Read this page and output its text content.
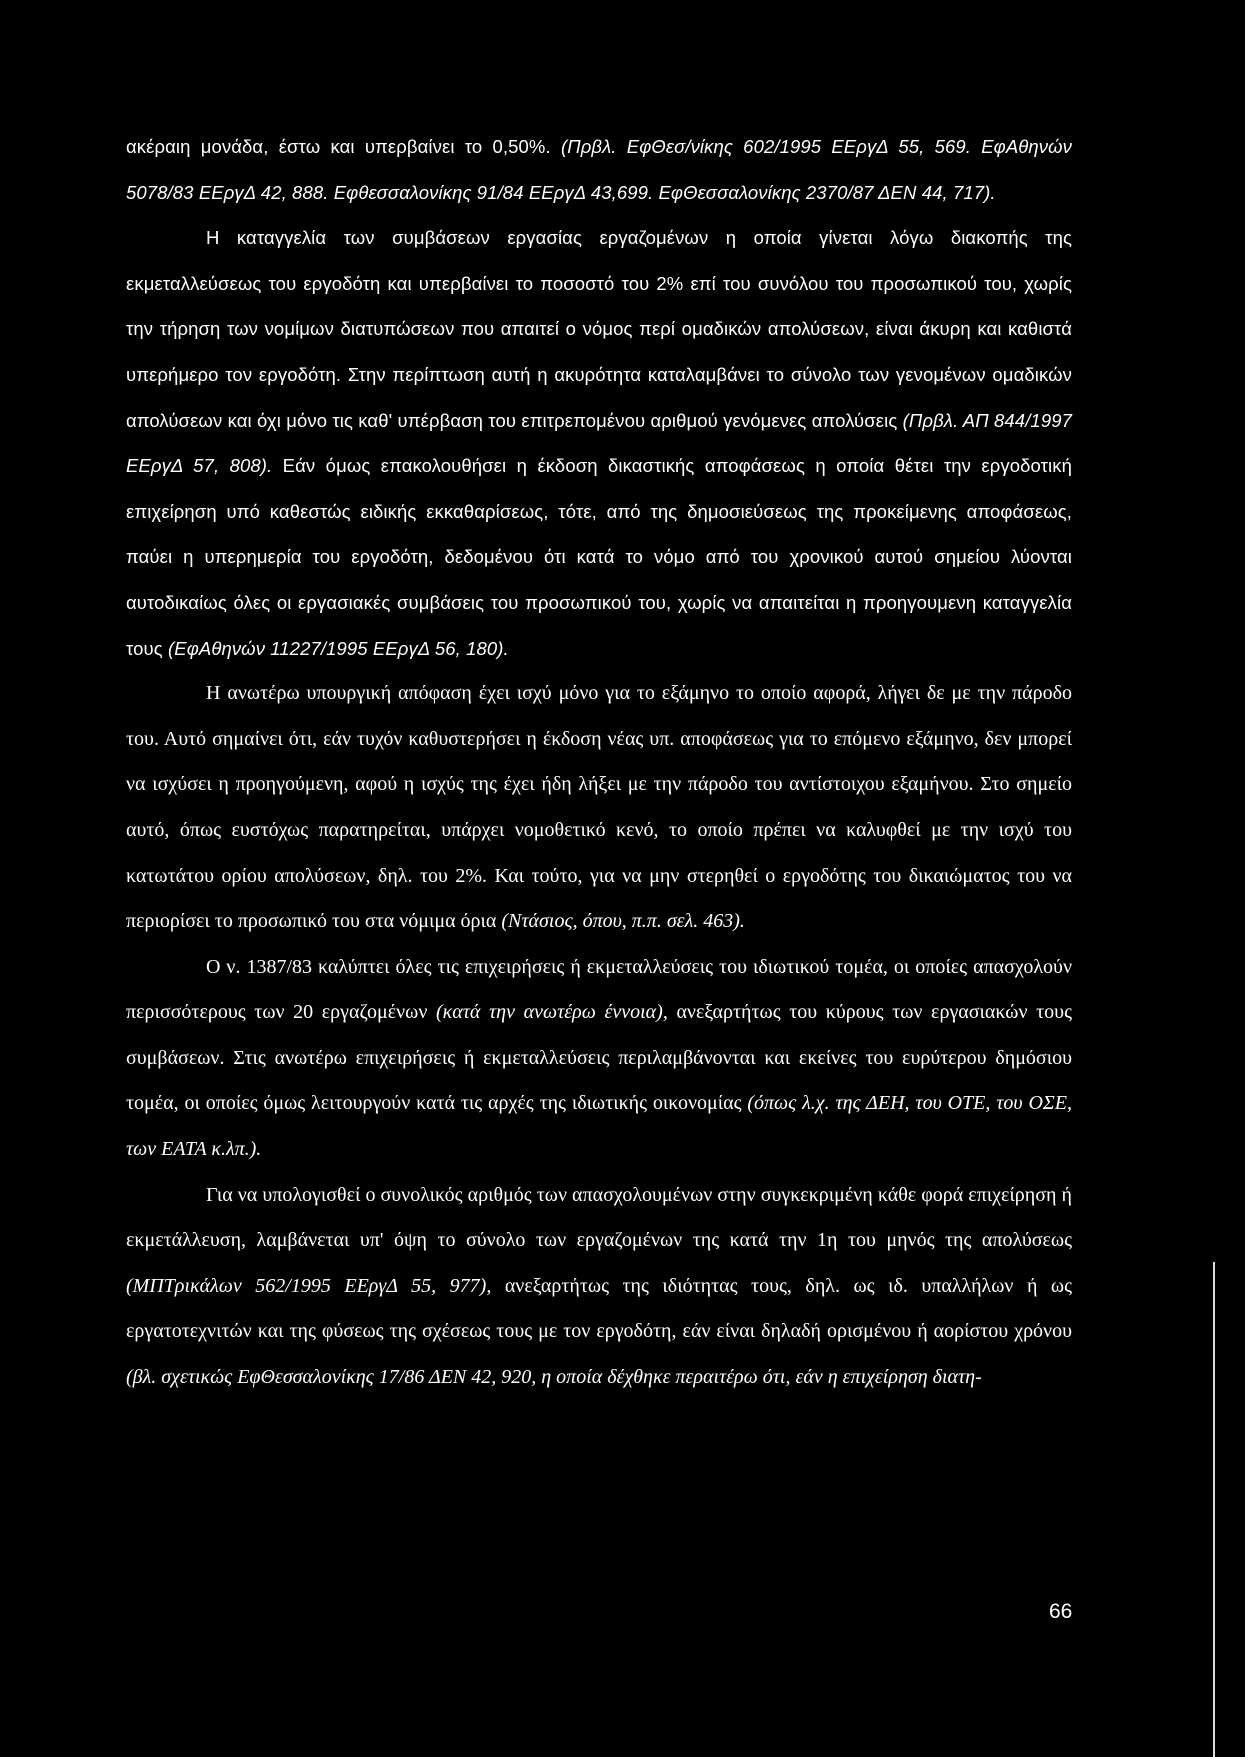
ακέραιη μονάδα, έστω και υπερβαίνει το 0,50%. (Πρβλ. ΕφΘεσ/νίκης 602/1995 ΕΕργΔ 55, 569. ΕφΑθηνών 5078/83 ΕΕργΔ 42, 888. Εφθεσσαλονίκης 91/84 ΕΕργΔ 43,699. ΕφΘεσσαλονίκης 2370/87 ΔΕΝ 44, 717).

Η καταγγελία των συμβάσεων εργασίας εργαζομένων η οποία γίνεται λόγω διακοπής της εκμεταλλεύσεως του εργοδότη και υπερβαίνει το ποσοστό του 2% επί του συνόλου του προσωπικού του, χωρίς την τήρηση των νομίμων διατυπώσεων που απαιτεί ο νόμος περί ομαδικών απολύσεων, είναι άκυρη και καθιστά υπερήμερο τον εργοδότη. Στην περίπτωση αυτή η ακυρότητα καταλαμβάνει το σύνολο των γενομένων ομαδικών απολύσεων και όχι μόνο τις καθ' υπέρβαση του επιτρεπομένου αριθμού γενόμενες απολύσεις (Πρβλ. ΑΠ 844/1997 ΕΕργΔ 57, 808). Εάν όμως επακολουθήσει η έκδοση δικαστικής αποφάσεως η οποία θέτει την εργοδοτική επιχείρηση υπό καθεστώς ειδικής εκκαθαρίσεως, τότε, από της δημοσιεύσεως της προκείμενης αποφάσεως, παύει η υπερημερία του εργοδότη, δεδομένου ότι κατά το νόμο από του χρονικού αυτού σημείου λύονται αυτοδικαίως όλες οι εργασιακές συμβάσεις του προσωπικού του, χωρίς να απαιτείται η προηγουμενη καταγγελία τους (ΕφΑθηνών 11227/1995 ΕΕργΔ 56, 180).

Η ανωτέρω υπουργική απόφαση έχει ισχύ μόνο για το εξάμηνο το οποίο αφορά, λήγει δε με την πάροδο του. Αυτό σημαίνει ότι, εάν τυχόν καθυστερήσει η έκδοση νέας υπ. αποφάσεως για το επόμενο εξάμηνο, δεν μπορεί να ισχύσει η προηγούμενη, αφού η ισχύς της έχει ήδη λήξει με την πάροδο του αντίστοιχου εξαμήνου. Στο σημείο αυτό, όπως ευστόχως παρατηρείται, υπάρχει νομοθετικό κενό, το οποίο πρέπει να καλυφθεί με την ισχύ του κατωτάτου ορίου απολύσεων, δηλ. του 2%. Και τούτο, για να μην στερηθεί ο εργοδότης του δικαιώματος του να περιορίσει το προσωπικό του στα νόμιμα όρια (Ντάσιος, όπου, π.π. σελ. 463).

Ο ν. 1387/83 καλύπτει όλες τις επιχειρήσεις ή εκμεταλλεύσεις του ιδιωτικού τομέα, οι οποίες απασχολούν περισσότερους των 20 εργαζομένων (κατά την ανωτέρω έννοια), ανεξαρτήτως του κύρους των εργασιακών τους συμβάσεων. Στις ανωτέρω επιχειρήσεις ή εκμεταλλεύσεις περιλαμβάνονται και εκείνες του ευρύτερου δημόσιου τομέα, οι οποίες όμως λειτουργούν κατά τις αρχές της ιδιωτικής οικονομίας (όπως λ.χ. της ΔΕΗ, του ΟΤΕ, του ΟΣΕ, των ΕΑΤΑ κ.λπ.).

Για να υπολογισθεί ο συνολικός αριθμός των απασχολουμένων στην συγκεκριμένη κάθε φορά επιχείρηση ή εκμετάλλευση, λαμβάνεται υπ' όψη το σύνολο των εργαζομένων της κατά την 1η του μηνός της απολύσεως (ΜΠΤρικάλων 562/1995 ΕΕργΔ 55, 977), ανεξαρτήτως της ιδιότητας τους, δηλ. ως ιδ. υπαλλήλων ή ως εργατοτεχνιτών και της φύσεως της σχέσεως τους με τον εργοδότη, εάν είναι δηλαδή ορισμένου ή αορίστου χρόνου (βλ. σχετικώς ΕφΘεσσαλονίκης 17/86 ΔΕΝ 42, 920, η οποία δέχθηκε περαιτέρω ότι, εάν η επιχείρηση διατη-

66
